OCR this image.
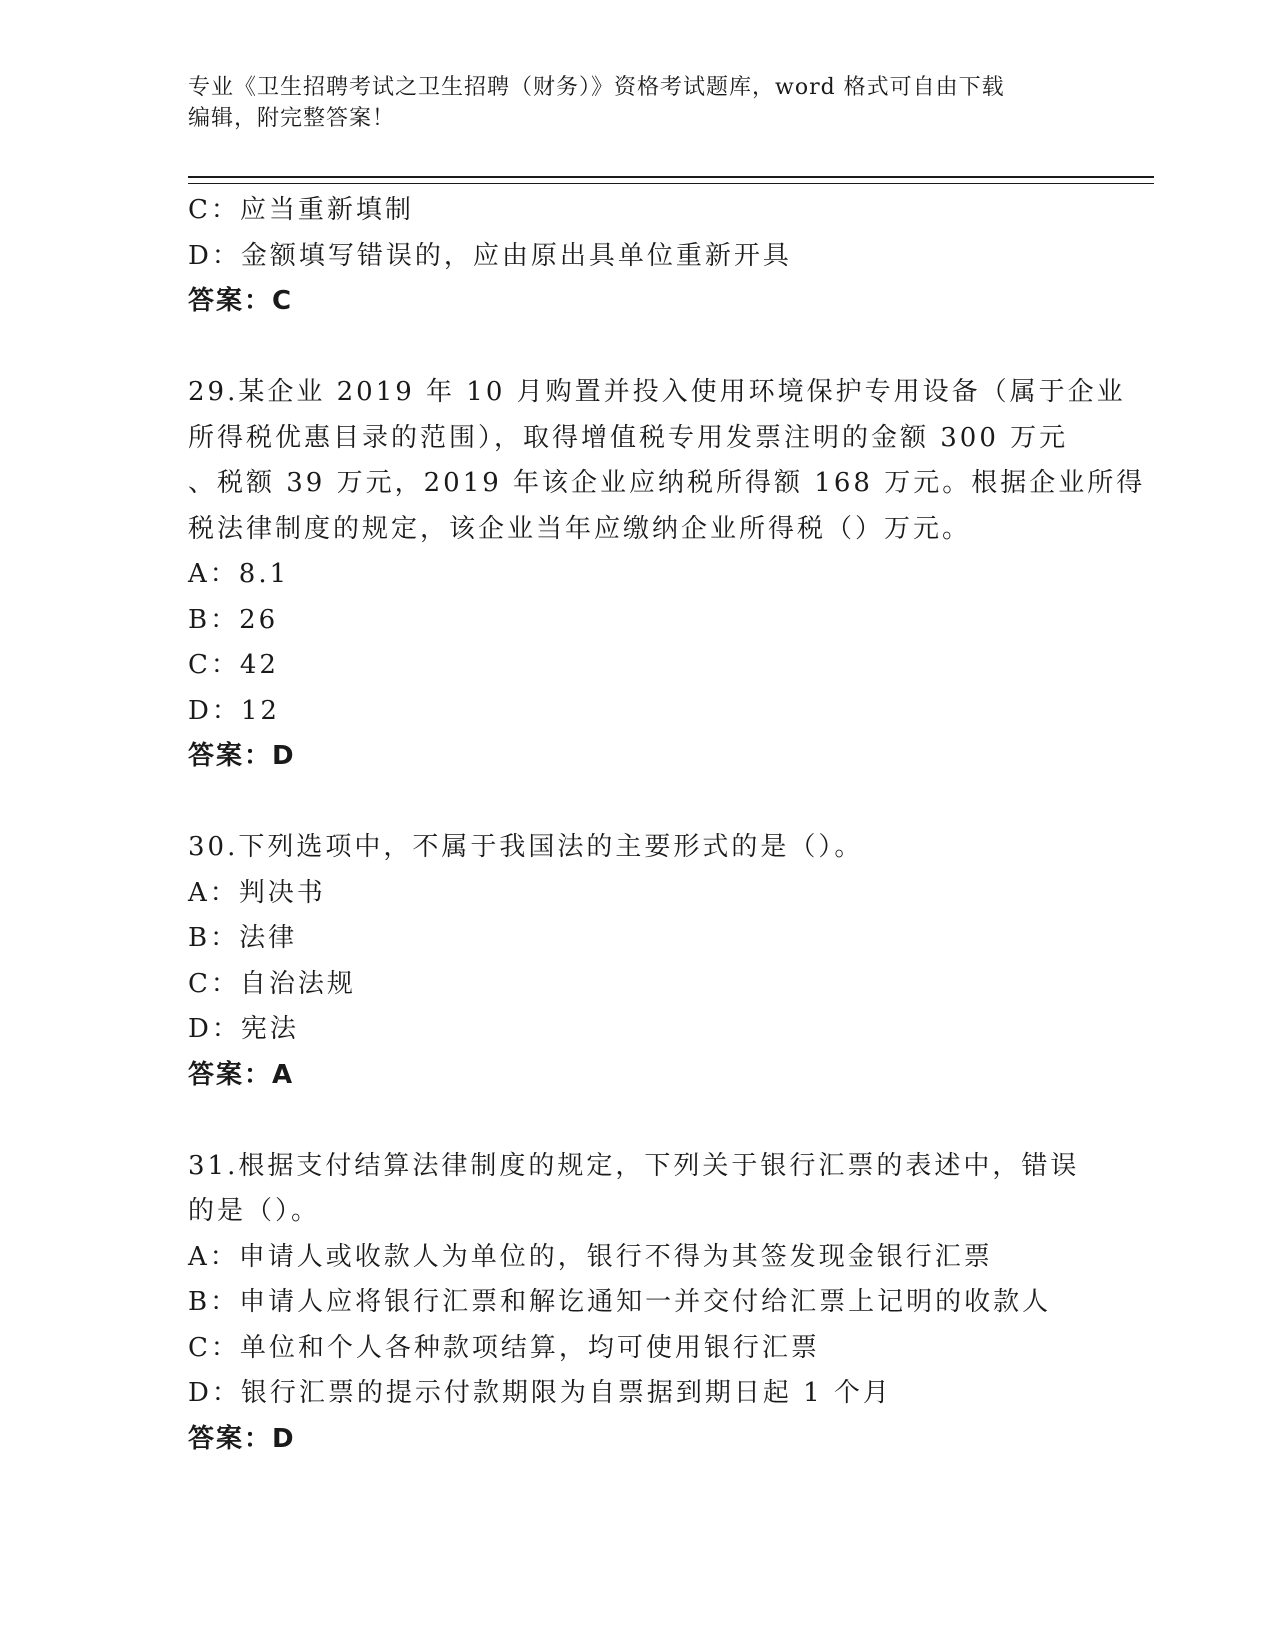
专业《卫生招聘考试之卫生招聘（财务）》资格考试题库，word 格式可自由下载
编辑，附完整答案！
C：应当重新填制
D：金额填写错误的，应由原出具单位重新开具
答案：C
29.某企业 2019 年 10 月购置并投入使用环境保护专用设备（属于企业
所得税优惠目录的范围），取得增值税专用发票注明的金额 300 万元
、税额 39 万元，2019 年该企业应纳税所得额 168 万元。根据企业所得
税法律制度的规定，该企业当年应缴纳企业所得税（）万元。
A：8.1
B：26
C：42
D：12
答案：D
30.下列选项中，不属于我国法的主要形式的是（）。
A：判决书
B：法律
C：自治法规
D：宪法
答案：A
31.根据支付结算法律制度的规定，下列关于银行汇票的表述中，错误
的是（）。
A：申请人或收款人为单位的，银行不得为其签发现金银行汇票
B：申请人应将银行汇票和解讫通知一并交付给汇票上记明的收款人
C：单位和个人各种款项结算，均可使用银行汇票
D：银行汇票的提示付款期限为自票据到期日起 1 个月
答案：D
